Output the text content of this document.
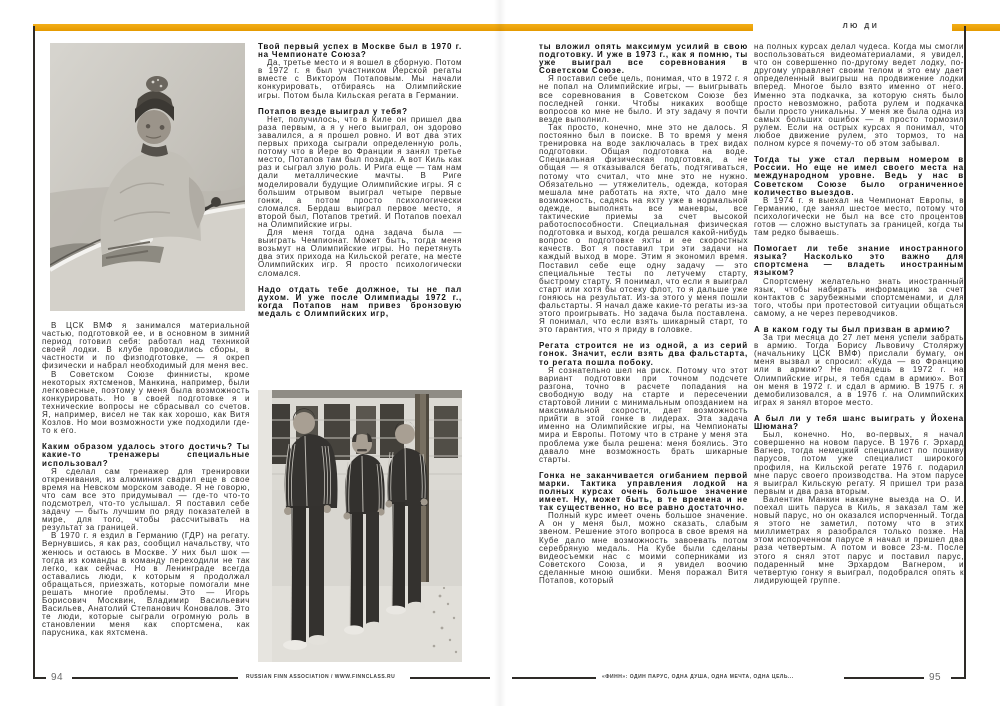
ЛЮ ДИ

В ЦСК ВМФ я занимался материальной частью, подготовкой ее, и в основном в зимний период готовил себя: работал над техникой своей лодки. В клубе проводились сборы, в частности и по физподготовке, — я окреп физически и набрал необходимый для меня вес.

В Советском Союзе финнисты, кроме некоторых яхтсменов, Манкина, например, были легковесные, поэтому у меня была возможность конкурировать. Но в своей подготовке я и технические вопросы не сбрасывал со счетов. Я, например, висел не так как хорошо, как Витя Козлов. Но мои возможности уже подходили где-то к его.

Каким образом удалось этого достичь? Ты какие-то тренажеры специальные использовал?

Я сделал сам тренажер для тренировки откренивания, из алюминия сварил еще в свое время на Невском морском заводе. Я не говорю, что сам все это придумывал — где-то что-то подсмотрел, что-то услышал. Я поставил себе задачу — быть лучшим по ряду показателей в мире, для того, чтобы рассчитывать на результат за границей.

В 1970 г. я ездил в Германию (ГДР) на регату. Вернувшись, я как раз, сообщил начальству, что женюсь и остаюсь в Москве. У них был шок — тогда из команды в команду переходили не так легко, как сейчас. Но в Ленинграде всегда оставались люди, к которым я продолжал обращаться, приезжать, которые помогали мне решать многие проблемы. Это — Игорь Борисович Москвин, Владимир Васильевич Васильев, Анатолий Степанович Коновалов. Это те люди, которые сыграли огромную роль в становлении меня как спортсмена, как парусника, как яхтсмена.

Твой первый успех в Москве был в 1970 г. на Чемпионате Союза?

Да, третье место и я вошел в сборную. Потом в 1972 г. я был участником Йерской регаты вместе с Виктором Потаповым. Мы начали конкурировать, отбираясь на Олимпийские игры. Потом была Кильская регата в Германии.

Потапов везде выиграл у тебя?

Нет, получилось, что в Киле он пришел два раза первым, а я у него выиграл, он здорово завалился, а я прошел ровно. И вот два этих первых прихода сыграли определенную роль, потому что в Йере во Франции я занял третье место, Потапов там был позади. А вот Киль как раз и сыграл злую роль. И Рига еще — там нам дали металлические мачты. В Риге моделировали будущие Олимпийские игры. Я с большим отрывом выиграл четыре первые гонки, а потом просто психологически сломался. Бердаш выиграл первое место, я второй был, Потапов третий. И Потапов поехал на Олимпийские игры.

Для меня тогда одна задача была — выиграть Чемпионат. Может быть, тогда меня возьмут на Олимпийские игры. Но перетянуть два этих прихода на Кильской регате, на месте Олимпийских игр. Я просто психологически сломался.

Надо отдать тебе должное, ты не пал духом. И уже после Олимпиады 1972 г., когда Потапов нам привез бронзовую медаль с Олимпийских игр,

94	RUSSIAN FINN ASSOCIATION / WWW.FINNCLASS.RU

ты вложил опять максимум усилий в свою подготовку. И уже в 1973 г., как я помню, ты уже выиграл все соревнования в Советском Союзе.

Я поставил себе цель, понимая, что в 1972 г. я не попал на Олимпийские игры, — выигрывать все соревнования в Советском Союзе без последней гонки. Чтобы никаких вообще вопросов ко мне не было. И эту задачу я почти везде выполнил.

Так просто, конечно, мне это не далось. Я постоянно был в поиске. В то время у меня тренировка на воде заключалась в трех видах подготовки. Общая подготовка на воде. Специальная физическая подготовка, а не общая — я отказывался бегать, подтягиваться, потому что считал, что мне это не нужно. Обязательно — утяжелитель, одежда, которая мешала мне работать на яхте, что дало мне возможность, садясь на яхту уже в нормальной одежде, выполнять все маневры, все тактические приемы за счет высокой работоспособности. Специальная физическая подготовка и выход, когда решался какой-нибудь вопрос о подготовке яхты и ее скоростных качеств. Вот я поставил три эти задачи на каждый выход в море. Этим я экономил время. Поставил себе еще одну задачу — это специальные тесты по летучему старту, быстрому старту. Я понимал, что если я выиграл старт или хотя бы отсеку флот, то я дальше уже гоняюсь на результат. Из-за этого у меня пошли фальстарты. Я начал даже какие-то регаты из-за этого проигрывать. Но задача была поставлена. Я понимал, что если взять шикарный старт, то это гарантия, что я приду в головке.

Регата строится не из одной, а из серий гонок. Значит, если взять два фальстарта, то регата пошла побоку.

Я сознательно шел на риск. Потому что этот вариант подготовки при точном подсчете разгона, точно в расчете попадания на свободную воду на старте и пересечении стартовой линии с минимальным опозданием на максимальной скорости, дает возможность прийти в этой гонке в лидерах. Эта задача именно на Олимпийские игры, на Чемпионаты мира и Европы. Потому что в стране у меня эта проблема уже была решена: меня боялись. Это давало мне возможность брать шикарные старты.

Гонка не заканчивается огибанием первой марки. Тактика управления лодкой на полных курсах очень большое значение имеет. Ну, может быть, в те времена и не так существенно, но все равно достаточно.

Полный курс имеет очень большое значение. А он у меня был, можно сказать, слабым звеном. Решение этого вопроса в свое время на Кубе дало мне возможность завоевать потом серебряную медаль. На Кубе были сделаны видеосъемки нас с моими соперниками из Советского Союза, и я увидел воочию сделанные мною ошибки. Меня поражал Витя Потапов, который

на полных курсах делал чудеса. Когда мы смогли воспользоваться видеоматериалами, я увидел, что он совершенно по-другому ведет лодку, по-другому управляет своим телом и это ему дает определенный выигрыш на продвижение лодки вперед. Многое было взято именно от него. Именно эта подкачка, за которую снять было просто невозможно, работа рулем и подкачка были просто уникальны. У меня же была одна из самых больших ошибок — я просто тормозил рулем. Если на острых курсах я понимал, что любое движение рулем, это тормоз, то на полном курсе я почему-то об этом забывал.

Тогда ты уже стал первым номером в России. Но еще не имел своего места на международном уровне. Ведь у нас в Советском Союзе было ограниченное количество выездов.

В 1974 г. я выехал на Чемпионат Европы, в Германию, где занял шестое место, потому что психологически не был на все сто процентов готов — сложно выступать за границей, когда ты там редко бываешь.

Помогает ли тебе знание иностранного языка? Насколько это важно для спортсмена — владеть иностранным языком?

Спортсмену желательно знать иностранный язык, чтобы набирать информацию за счет контактов с зарубежными спортсменами, и для того, чтобы при протестовой ситуации общаться самому, а не через переводчиков.

А в каком году ты был призван в армию?

За три месяца до 27 лет меня успели забрать в армию. Тогда Борису Львовичу Столяржу (начальнику ЦСК ВМФ) прислали бумагу, он меня вызвал и спросил: «Куда — во Францию или в армию? Не попадешь в 1972 г. на Олимпийские игры, я тебя сдам в армию». Вот он меня в 1972 г. и сдал в армию. В 1975 г. я демобилизовался, а в 1976 г. на Олимпийских играх я занял второе место.

А был ли у тебя шанс выиграть у Йохена Шюмана?

Был, конечно. Но, во-первых, я начал совершенно на новом парусе. В 1976 г. Эрхард Вагнер, тогда немецкий специалист по пошиву парусов, потом уже специалист широкого профиля, на Кильской регате 1976 г. подарил мне парус своего производства. На этом парусе я выиграл Кильскую регату. Я пришел три раза первым и два раза вторым.

Валентин Манкин накануне выезда на О. И. поехал шить паруса в Киль, я заказал там же новый парус, но он оказался испорченный. Тогда я этого не заметил, потому что в этих миллиметрах я разобрался только позже. На этом испорченном парусе я начал и пришел два раза четвертым. А потом и вовсе 23-м. После этого я снял этот парус и поставил парус, подаренный мне Эрхардом Вагнером, и четвертую гонку я выиграл, подобрался опять к лидирующей группе.

«ФИНН»: ОДИН ПАРУС, ОДНА ДУША, ОДНА МЕЧТА, ОДНА ЦЕЛЬ...	95
